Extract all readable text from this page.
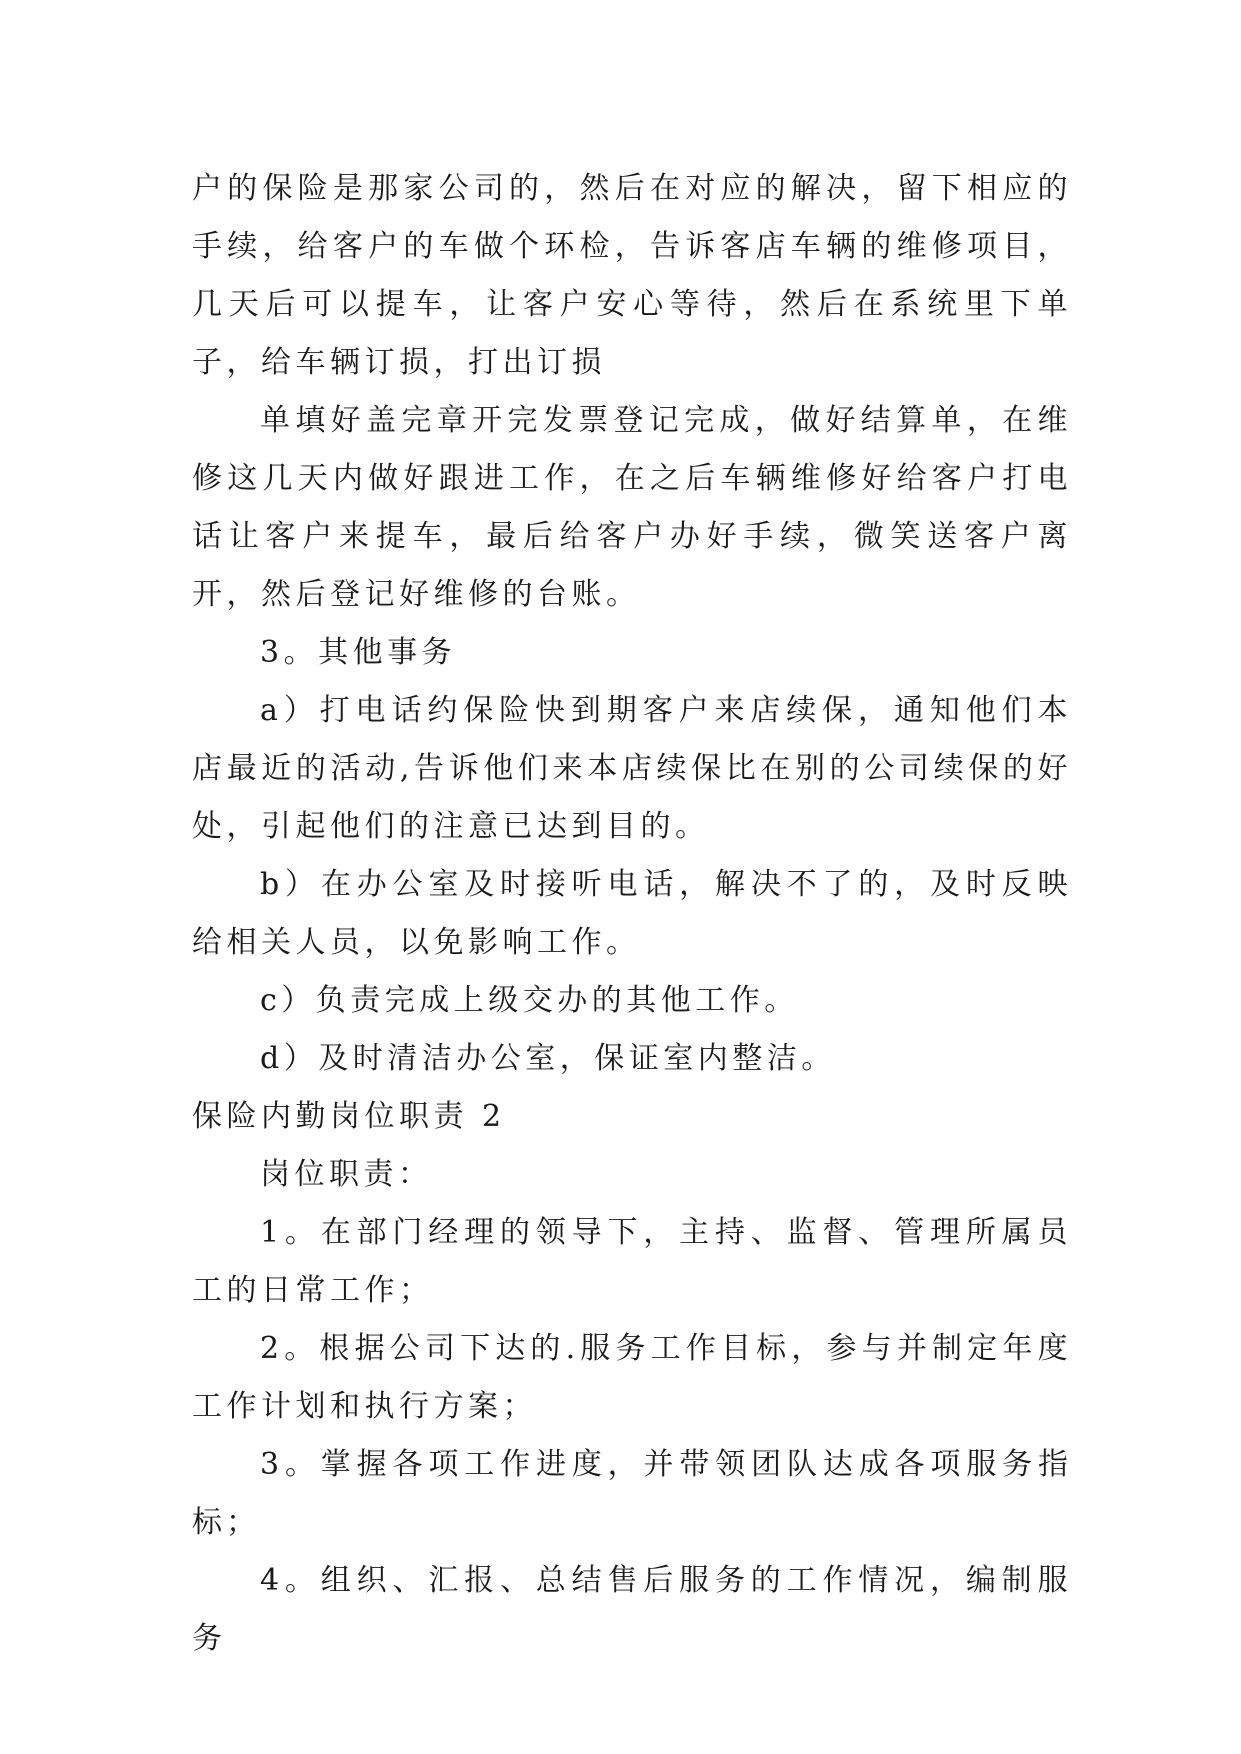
户的保险是那家公司的，然后在对应的解决，留下相应的手续，给客户的车做个环检，告诉客店车辆的维修项目，几天后可以提车，让客户安心等待，然后在系统里下单子，给车辆订损，打出订损

单填好盖完章开完发票登记完成，做好结算单，在维修这几天内做好跟进工作，在之后车辆维修好给客户打电话让客户来提车，最后给客户办好手续，微笑送客户离开，然后登记好维修的台账。

3。其他事务

a）打电话约保险快到期客户来店续保，通知他们本店最近的活动,告诉他们来本店续保比在别的公司续保的好处，引起他们的注意已达到目的。

b）在办公室及时接听电话，解决不了的，及时反映给相关人员，以免影响工作。

c）负责完成上级交办的其他工作。

d）及时清洁办公室，保证室内整洁。

保险内勤岗位职责 2

岗位职责：

1。在部门经理的领导下，主持、监督、管理所属员工的日常工作；

2。根据公司下达的.服务工作目标，参与并制定年度工作计划和执行方案；

3。掌握各项工作进度，并带领团队达成各项服务指标；

4。组织、汇报、总结售后服务的工作情况，编制服务
